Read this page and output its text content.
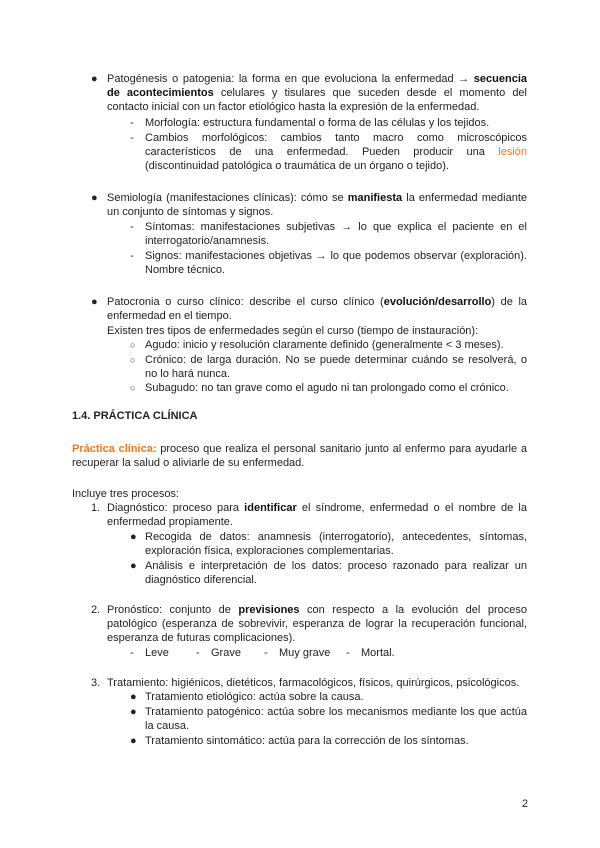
● Patogénesis o patogenia: la forma en que evoluciona la enfermedad → secuencia
de acontecimientos celulares y tisulares que suceden desde el momento del
contacto inicial con un factor etiológico hasta la expresión de la enfermedad.
- Morfología: estructura fundamental o forma de las células y los tejidos.
- Cambios morfológicos: cambios tanto macro como microscópicos
característicos de una enfermedad. Pueden producir una lesión
(discontinuidad patológica o traumática de un órgano o tejido).
● Semiología (manifestaciones clínicas): cómo se manifiesta la enfermedad mediante
un conjunto de síntomas y signos.
- Síntomas: manifestaciones subjetivas → lo que explica el paciente en el
interrogatorio/anamnesis.
- Signos: manifestaciones objetivas → lo que podemos observar (exploración).
Nombre técnico.
● Patocronia o curso clínico: describe el curso clínico (evolución/desarrollo) de la
enfermedad en el tiempo.
Existen tres tipos de enfermedades según el curso (tiempo de instauración):
○ Agudo: inicio y resolución claramente definido (generalmente < 3 meses).
○ Crónico: de larga duración. No se puede determinar cuándo se resolverá, o
no lo hará nunca.
○ Subagudo: no tan grave como el agudo ni tan prolongado como el crónico.
1.4. PRÁCTICA CLÍNICA
Práctica clínica: proceso que realiza el personal sanitario junto al enfermo para ayudarle a
recuperar la salud o aliviarle de su enfermedad.
Incluye tres procesos:
1. Diagnóstico: proceso para identificar el síndrome, enfermedad o el nombre de la
enfermedad propiamente.
● Recogida de datos: anamnesis (interrogatorio), antecedentes, síntomas,
exploración física, exploraciones complementarias.
● Análisis e interpretación de los datos: proceso razonado para realizar un
diagnóstico diferencial.
2. Pronóstico: conjunto de previsiones con respecto a la evolución del proceso
patológico (esperanza de sobrevivir, esperanza de lograr la recuperación funcional,
esperanza de futuras complicaciones).
- Leve - Grave - Muy grave - Mortal.
3. Tratamiento: higiénicos, dietéticos, farmacológicos, físicos, quirúrgicos, psicológicos.
● Tratamiento etiológico: actúa sobre la causa.
● Tratamiento patogénico: actúa sobre los mecanismos mediante los que actúa
la causa.
● Tratamiento sintomático: actúa para la corrección de los síntomas.
2
